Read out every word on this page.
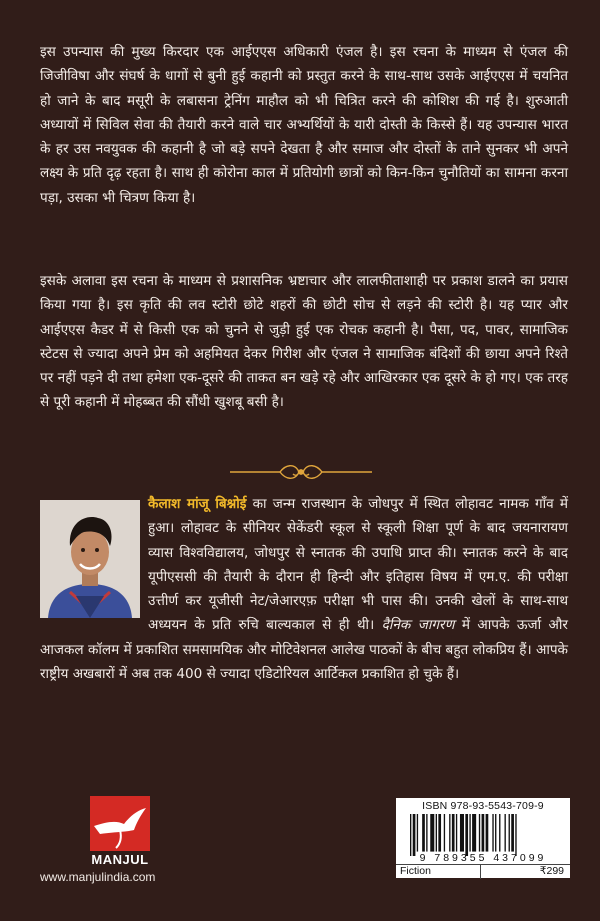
इस उपन्यास की मुख्य किरदार एक आईएएस अधिकारी एंजल है। इस रचना के माध्यम से एंजल की जिजीविषा और संघर्ष के धागों से बुनी हुई कहानी को प्रस्तुत करने के साथ-साथ उसके आईएएस में चयनित हो जाने के बाद मसूरी के लबासना ट्रेनिंग माहौल को भी चित्रित करने की कोशिश की गई है। शुरुआती अध्यायों में सिविल सेवा की तैयारी करने वाले चार अभ्यर्थियों के यारी दोस्ती के किस्से हैं। यह उपन्यास भारत के हर उस नवयुवक की कहानी है जो बड़े सपने देखता है और समाज और दोस्तों के ताने सुनकर भी अपने लक्ष्य के प्रति दृढ़ रहता है। साथ ही कोरोना काल में प्रतियोगी छात्रों को किन-किन चुनौतियों का सामना करना पड़ा, उसका भी चित्रण किया है।

इसके अलावा इस रचना के माध्यम से प्रशासनिक भ्रष्टाचार और लालफीताशाही पर प्रकाश डालने का प्रयास किया गया है। इस कृति की लव स्टोरी छोटे शहरों की छोटी सोच से लड़ने की स्टोरी है। यह प्यार और आईएएस कैडर में से किसी एक को चुनने से जुड़ी हुई एक रोचक कहानी है। पैसा, पद, पावर, सामाजिक स्टेटस से ज्यादा अपने प्रेम को अहमियत देकर गिरीश और एंजल ने सामाजिक बंदिशों की छाया अपने रिश्ते पर नहीं पड़ने दी तथा हमेशा एक-दूसरे की ताकत बन खड़े रहे और आखिरकार एक दूसरे के हो गए। एक तरह से पूरी कहानी में मोहब्बत की सौंधी खुशबू बसी है।

कैलाश मांजू बिश्नोई का जन्म राजस्थान के जोधपुर में स्थित लोहावट नामक गाँव में हुआ। लोहावट के सीनियर सेकेंडरी स्कूल से स्कूली शिक्षा पूर्ण के बाद जयनारायण व्यास विश्वविद्यालय, जोधपुर से स्नातक की उपाधि प्राप्त की। स्नातक करने के बाद यूपीएससी की तैयारी के दौरान ही हिन्दी और इतिहास विषय में एम.ए. की परीक्षा उत्तीर्ण कर यूजीसी नेट/जेआरएफ़ परीक्षा भी पास की। उनकी खेलों के साथ-साथ अध्ययन के प्रति रुचि बाल्यकाल से ही थी। दैनिक जागरण में आपके ऊर्जा और आजकल कॉलम में प्रकाशित समसामयिक और मोटिवेशनल आलेख पाठकों के बीच बहुत लोकप्रिय हैं। आपके राष्ट्रीय अखबारों में अब तक 400 से ज्यादा एडिटोरियल आर्टिकल प्रकाशित हो चुके हैं।

MANJUL
www.manjulindia.com
ISBN 978-93-5543-709-9
9 789355 437099
Fiction	₹299
